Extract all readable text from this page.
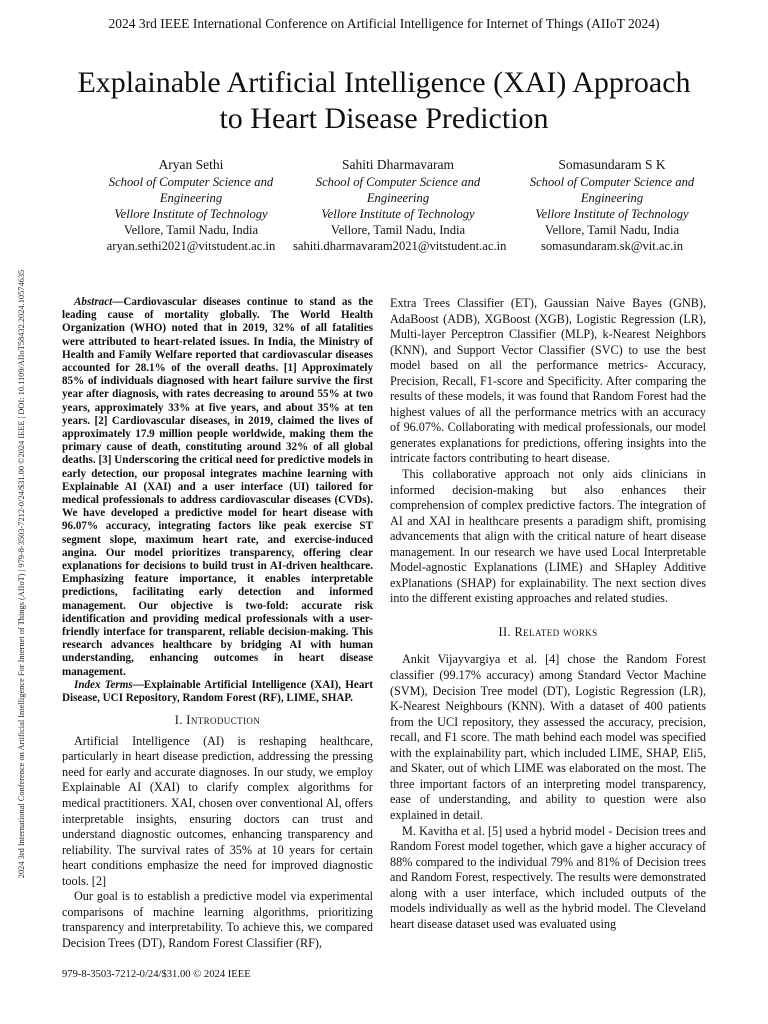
2024 3rd IEEE International Conference on Artificial Intelligence for Internet of Things (AIIoT 2024)
Explainable Artificial Intelligence (XAI) Approach
to Heart Disease Prediction
Aryan Sethi
School of Computer Science and
Engineering
Vellore Institute of Technology
Vellore, Tamil Nadu, India
aryan.sethi2021@vitstudent.ac.in
Sahiti Dharmavaram
School of Computer Science and
Engineering
Vellore Institute of Technology
Vellore, Tamil Nadu, India
sahiti.dharmavaram2021@vitstudent.ac.in
Somasundaram S K
School of Computer Science and
Engineering
Vellore Institute of Technology
Vellore, Tamil Nadu, India
somasundaram.sk@vit.ac.in
2024 3rd International Conference on Artificial Intelligence For Internet of Things (AIIoT) | 979-8-3503-7212-0/24/$31.00 ©2024 IEEE | DOI: 10.1109/AIIoT58432.2024.10574635	Abstract—Cardiovascular diseases continue to stand as the leading cause of mortality globally. The World Health Organization (WHO) noted that in 2019, 32% of all fatalities were attributed to heart-related issues. In India, the Ministry of Health and Family Welfare reported that cardiovascular diseases accounted for 28.1% of the overall deaths. [1] Approximately 85% of individuals diagnosed with heart failure survive the first year after diagnosis, with rates decreasing to around 55% at two years, approximately 33% at five years, and about 35% at ten years. [2] Cardiovascular diseases, in 2019, claimed the lives of approximately 17.9 million people worldwide, making them the primary cause of death, constituting around 32% of all global deaths. [3] Underscoring the critical need for predictive models in early detection, our proposal integrates machine learning with Explainable AI (XAI) and a user interface (UI) tailored for medical professionals to address cardiovascular diseases (CVDs). We have developed a predictive model for heart disease with 96.07% accuracy, integrating factors like peak exercise ST segment slope, maximum heart rate, and exercise-induced angina. Our model prioritizes transparency, offering clear explanations for decisions to build trust in AI-driven healthcare. Emphasizing feature importance, it enables interpretable predictions, facilitating early detection and informed management. Our objective is two-fold: accurate risk identification and providing medical professionals with a user-friendly interface for transparent, reliable decision-making. This research advances healthcare by bridging AI with human understanding, enhancing outcomes in heart disease management.

Index Terms—Explainable Artificial Intelligence (XAI), Heart Disease, UCI Repository, Random Forest (RF), LIME, SHAP.

I. Introduction

Artificial Intelligence (AI) is reshaping healthcare, particularly in heart disease prediction, addressing the pressing need for early and accurate diagnoses. In our study, we employ Explainable AI (XAI) to clarify complex algorithms for medical practitioners. XAI, chosen over conventional AI, offers interpretable insights, ensuring doctors can trust and understand diagnostic outcomes, enhancing transparency and reliability. The survival rates of 35% at 10 years for certain heart conditions emphasize the need for improved diagnostic tools. [2]

Our goal is to establish a predictive model via experimental comparisons of machine learning algorithms, prioritizing transparency and interpretability. To achieve this, we compared Decision Trees (DT), Random Forest Classifier (RF),

Extra Trees Classifier (ET), Gaussian Naive Bayes (GNB), AdaBoost (ADB), XGBoost (XGB), Logistic Regression (LR), Multi-layer Perceptron Classifier (MLP), k-Nearest Neighbors (KNN), and Support Vector Classifier (SVC) to use the best model based on all the performance metrics- Accuracy, Precision, Recall, F1-score and Specificity. After comparing the results of these models, it was found that Random Forest had the highest values of all the performance metrics with an accuracy of 96.07%. Collaborating with medical professionals, our model generates explanations for predictions, offering insights into the intricate factors contributing to heart disease.

This collaborative approach not only aids clinicians in informed decision-making but also enhances their comprehension of complex predictive factors. The integration of AI and XAI in healthcare presents a paradigm shift, promising advancements that align with the critical nature of heart disease management. In our research we have used Local Interpretable Model-agnostic Explanations (LIME) and SHapley Additive exPlanations (SHAP) for explainability. The next section dives into the different existing approaches and related studies.

II. Related works

Ankit Vijayvargiya et al. [4] chose the Random Forest classifier (99.17% accuracy) among Standard Vector Machine (SVM), Decision Tree model (DT), Logistic Regression (LR), K-Nearest Neighbours (KNN). With a dataset of 400 patients from the UCI repository, they assessed the accuracy, precision, recall, and F1 score. The math behind each model was specified with the explainability part, which included LIME, SHAP, Eli5, and Skater, out of which LIME was elaborated on the most. The three important factors of an interpreting model transparency, ease of understanding, and ability to question were also explained in detail.

M. Kavitha et al. [5] used a hybrid model - Decision trees and Random Forest model together, which gave a higher accuracy of 88% compared to the individual 79% and 81% of Decision trees and Random Forest, respectively. The results were demonstrated along with a user interface, which included outputs of the models individually as well as the hybrid model. The Cleveland heart disease dataset used was evaluated using

979-8-3503-7212-0/24/$31.00 © 2024 IEEE
